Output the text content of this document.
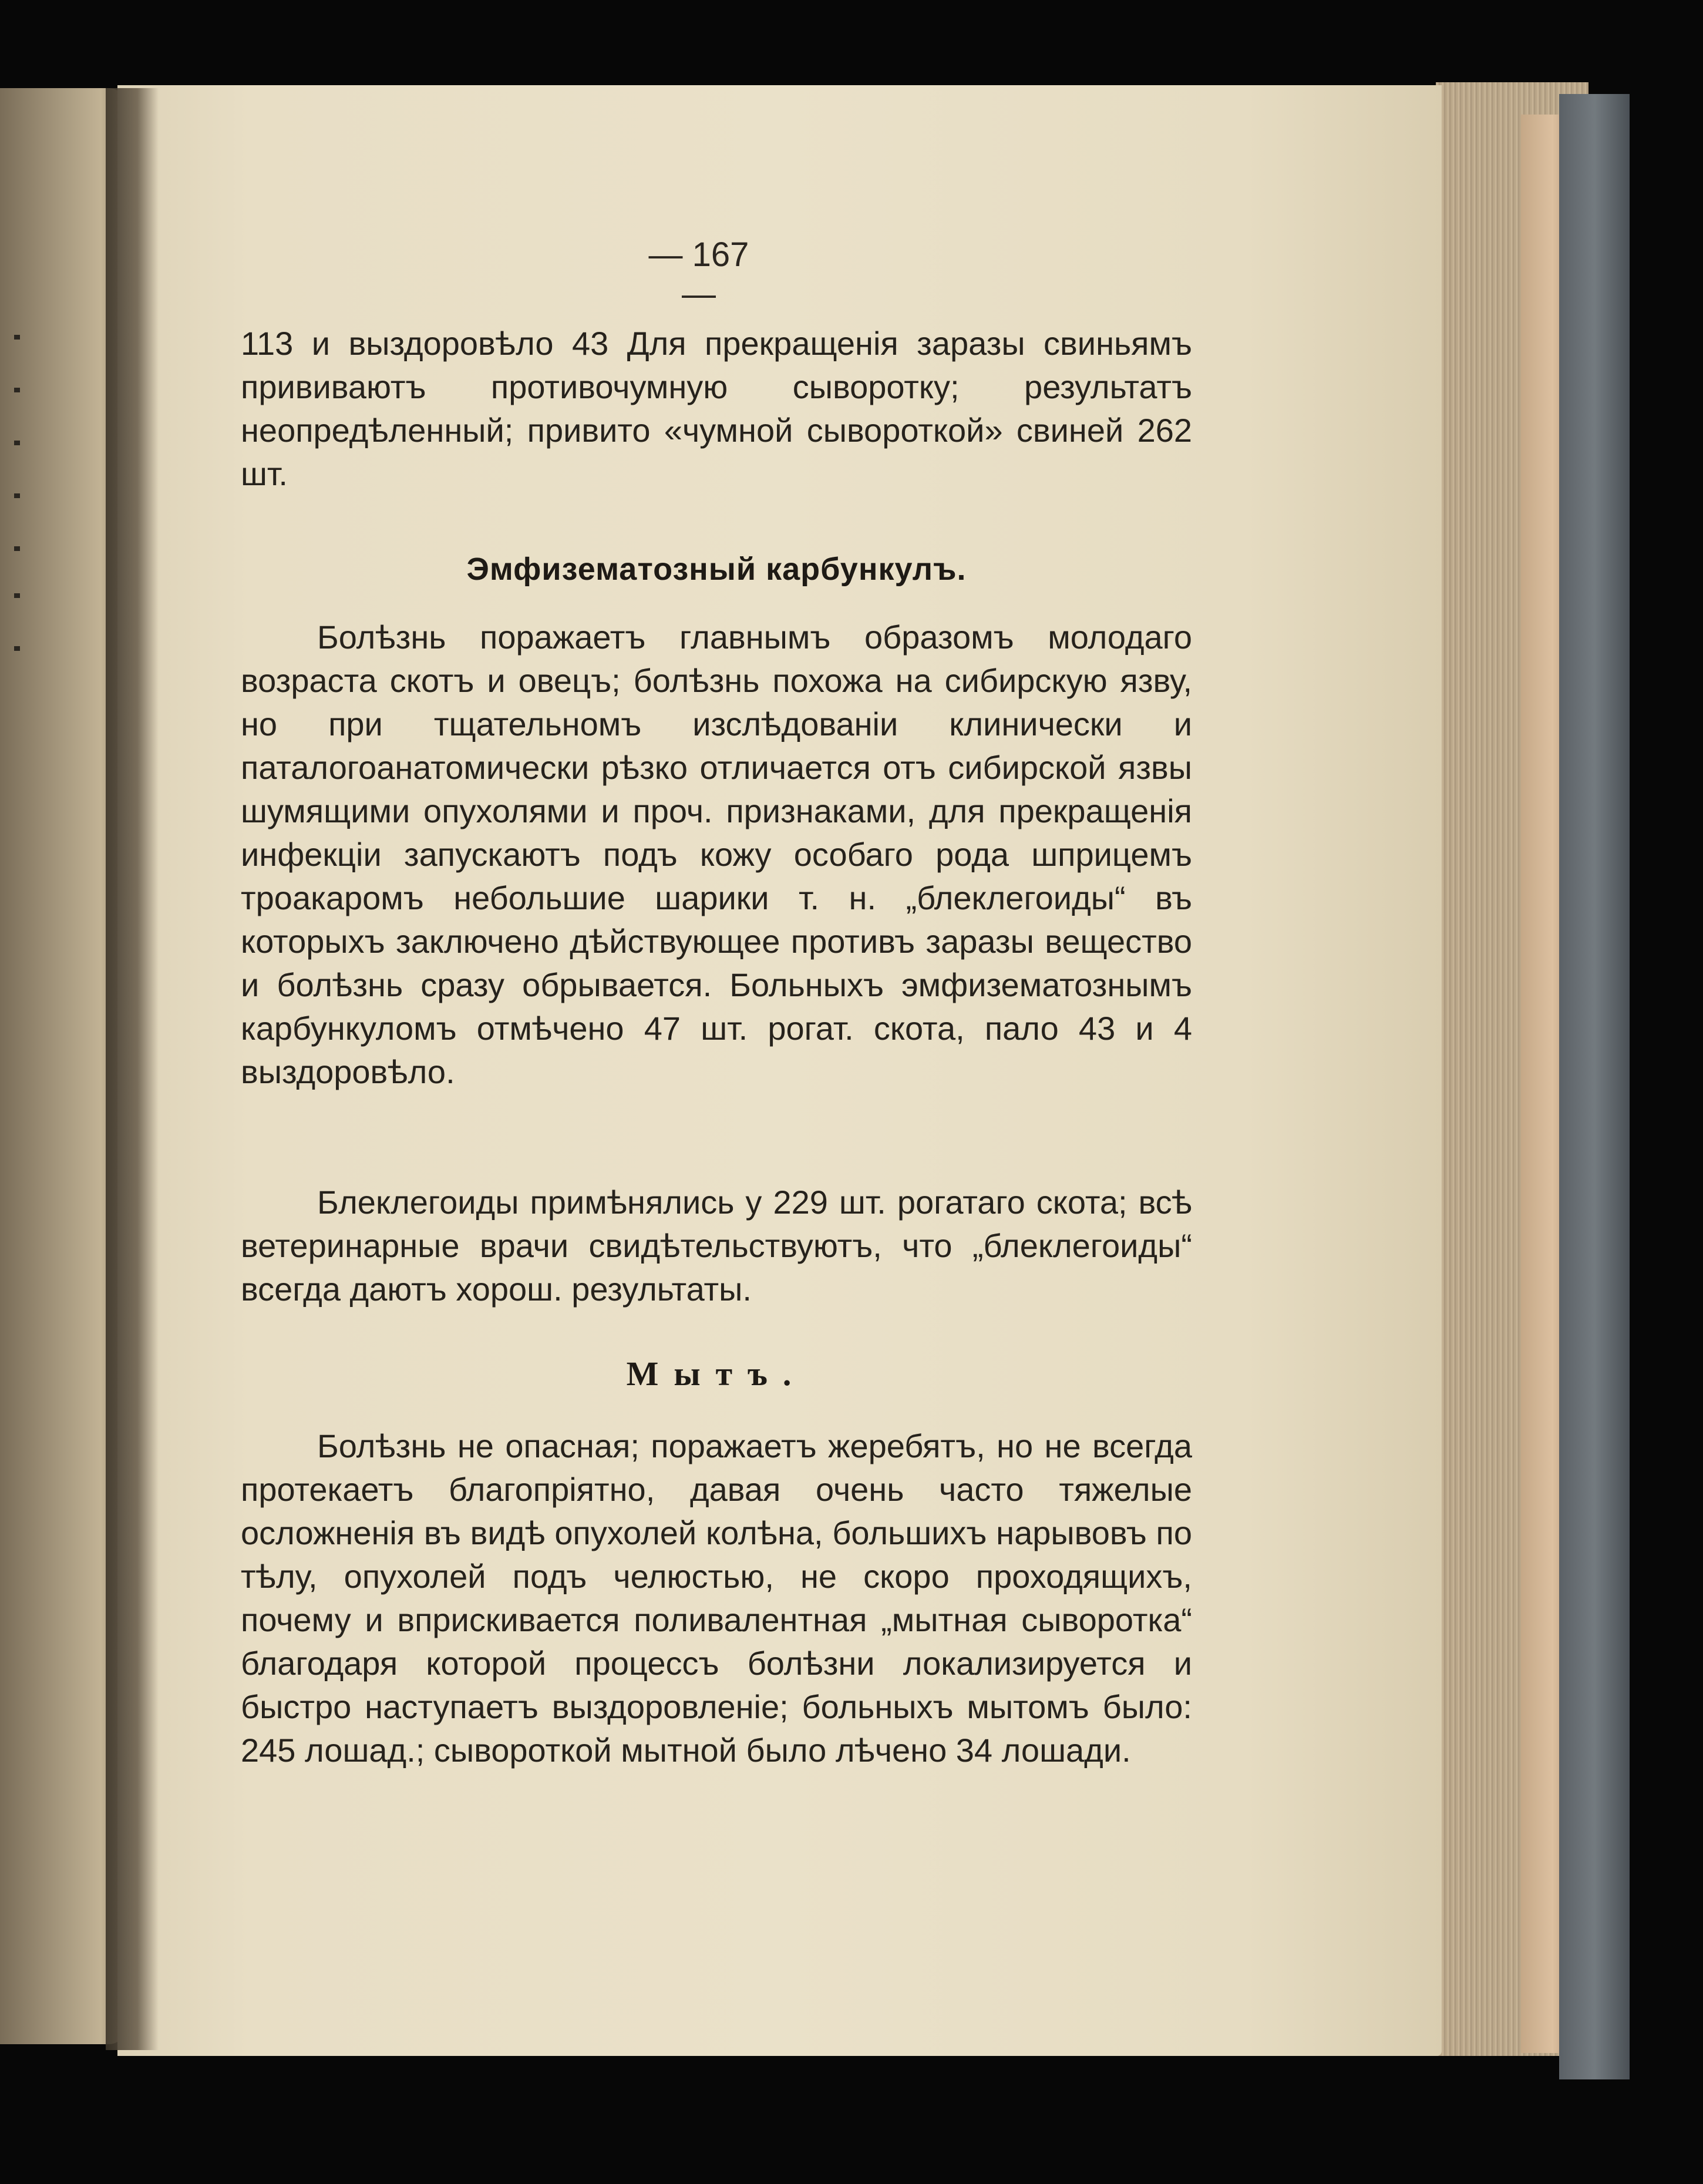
— 167 —

113 и выздоровѣло 43 Для прекращенія заразы свиньямъ прививаютъ противочумную сыворотку; результатъ неопредѣленный; привито «чумной сывороткой» свиней 262 шт.

Эмфизематозный карбункулъ.

Болѣзнь поражаетъ главнымъ образомъ молодаго возраста скотъ и овецъ; болѣзнь похожа на сибирскую язву, но при тщательномъ изслѣдованіи клинически и паталогоанатомически рѣзко отличается отъ сибирской язвы шумящими опухолями и проч. признаками, для прекращенія инфекціи запускаютъ подъ кожу особаго рода шприцемъ троакаромъ небольшие шарики т. н. „блеклегоиды“ въ которыхъ заключено дѣйствующее противъ заразы вещество и болѣзнь сразу обрывается. Больныхъ эмфизематознымъ карбункуломъ отмѣчено 47 шт. рогат. скота, пало 43 и 4 выздоровѣло.

Блеклегоиды примѣнялись у 229 шт. рогатаго скота; всѣ ветеринарные врачи свидѣтельствуютъ, что „блеклегоиды“ всегда даютъ хорош. результаты.

Мытъ.

Болѣзнь не опасная; поражаетъ жеребятъ, но не всегда протекаетъ благопріятно, давая очень часто тяжелые осложненія въ видѣ опухолей колѣна, большихъ нарывовъ по тѣлу, опухолей подъ челюстью, не скоро проходящихъ, почему и вприскивается поливалентная „мытная сыворотка“ благодаря которой процессъ болѣзни локализируется и быстро наступаетъ выздоровленіе; больныхъ мытомъ было: 245 лошад.; сывороткой мытной было лѣчено 34 лошади.
